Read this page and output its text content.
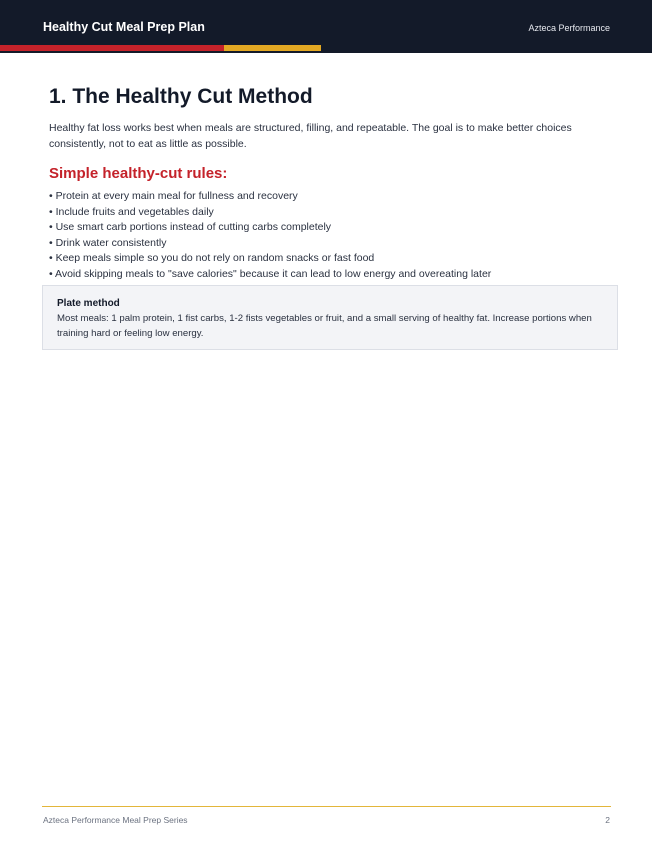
Healthy Cut Meal Prep Plan	Azteca Performance
1. The Healthy Cut Method

Healthy fat loss works best when meals are structured, filling, and repeatable. The goal is to make better choices consistently, not to eat as little as possible.

Simple healthy-cut rules:
• Protein at every main meal for fullness and recovery
• Include fruits and vegetables daily
• Use smart carb portions instead of cutting carbs completely
• Drink water consistently
• Keep meals simple so you do not rely on random snacks or fast food
• Avoid skipping meals to "save calories" because it can lead to low energy and overeating later
Plate method
Most meals: 1 palm protein, 1 fist carbs, 1-2 fists vegetables or fruit, and a small serving of healthy fat. Increase portions when training hard or feeling low energy.
Azteca Performance Meal Prep Series	2
